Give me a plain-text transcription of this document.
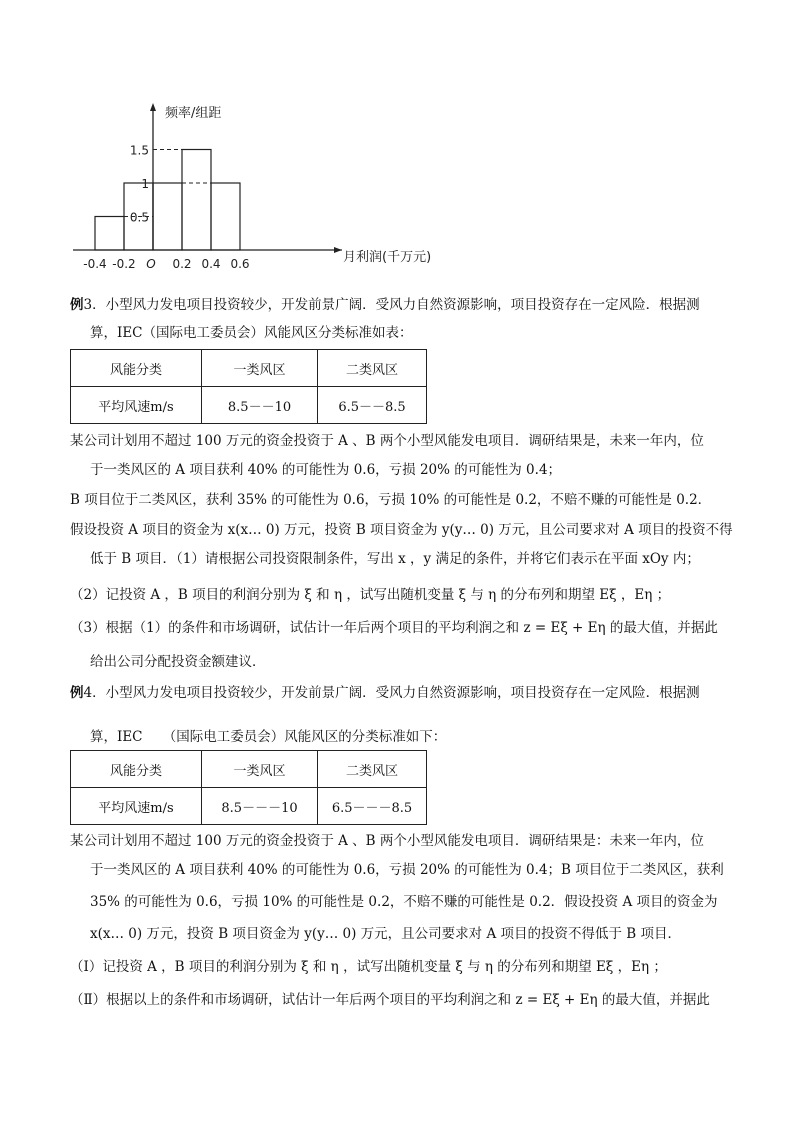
0.5
1
1.5
-0.4 -0.2	0.2 0.4 0.6
O
频率/组距
月利润(千万元)
例3．小型风力发电项目投资较少，开发前景广阔．受风力自然资源影响，项目投资存在一定风险．根据测
算，IEC（国际电工委员会）风能风区分类标准如表：
风能分类	一类风区	二类风区
平均风速m/s	8.5－－10	6.5－－8.5
某公司计划用不超过 100 万元的资金投资于 A 、B 两个小型风能发电项目．调研结果是，未来一年内，位
于一类风区的 A 项目获利 40% 的可能性为 0.6，亏损 20% 的可能性为 0.4；
B 项目位于二类风区，获利 35% 的可能性为 0.6，亏损 10% 的可能性是 0.2，不赔不赚的可能性是 0.2．
假设投资 A 项目的资金为 x(x… 0) 万元，投资 B 项目资金为 y(y… 0) 万元，且公司要求对 A 项目的投资不得
低于 B 项目．（1）请根据公司投资限制条件，写出 x ，y 满足的条件，并将它们表示在平面 xOy 内；
（2）记投资 A ，B 项目的利润分别为 ξ 和 η ，试写出随机变量 ξ 与 η 的分布列和期望 Eξ ，Eη ；
（3）根据（1）的条件和市场调研，试估计一年后两个项目的平均利润之和 z = Eξ + Eη 的最大值，并据此
给出公司分配投资金额建议．
例4．小型风力发电项目投资较少，开发前景广阔．受风力自然资源影响，项目投资存在一定风险．根据测
算，IEC　　（国际电工委员会）风能风区的分类标准如下：
风能分类	一类风区	二类风区
平均风速m/s	8.5－－－10	6.5－－－8.5
某公司计划用不超过 100 万元的资金投资于 A 、B 两个小型风能发电项目．调研结果是：未来一年内，位
于一类风区的 A 项目获利 40% 的可能性为 0.6，亏损 20% 的可能性为 0.4；B 项目位于二类风区，获利
35% 的可能性为 0.6，亏损 10% 的可能性是 0.2，不赔不赚的可能性是 0.2．假设投资 A 项目的资金为
x(x… 0) 万元，投资 B 项目资金为 y(y… 0) 万元，且公司要求对 A 项目的投资不得低于 B 项目．
（Ⅰ）记投资 A ，B 项目的利润分别为 ξ 和 η ，试写出随机变量 ξ 与 η 的分布列和期望 Eξ ，Eη ；
（Ⅱ）根据以上的条件和市场调研，试估计一年后两个项目的平均利润之和 z = Eξ + Eη 的最大值，并据此
